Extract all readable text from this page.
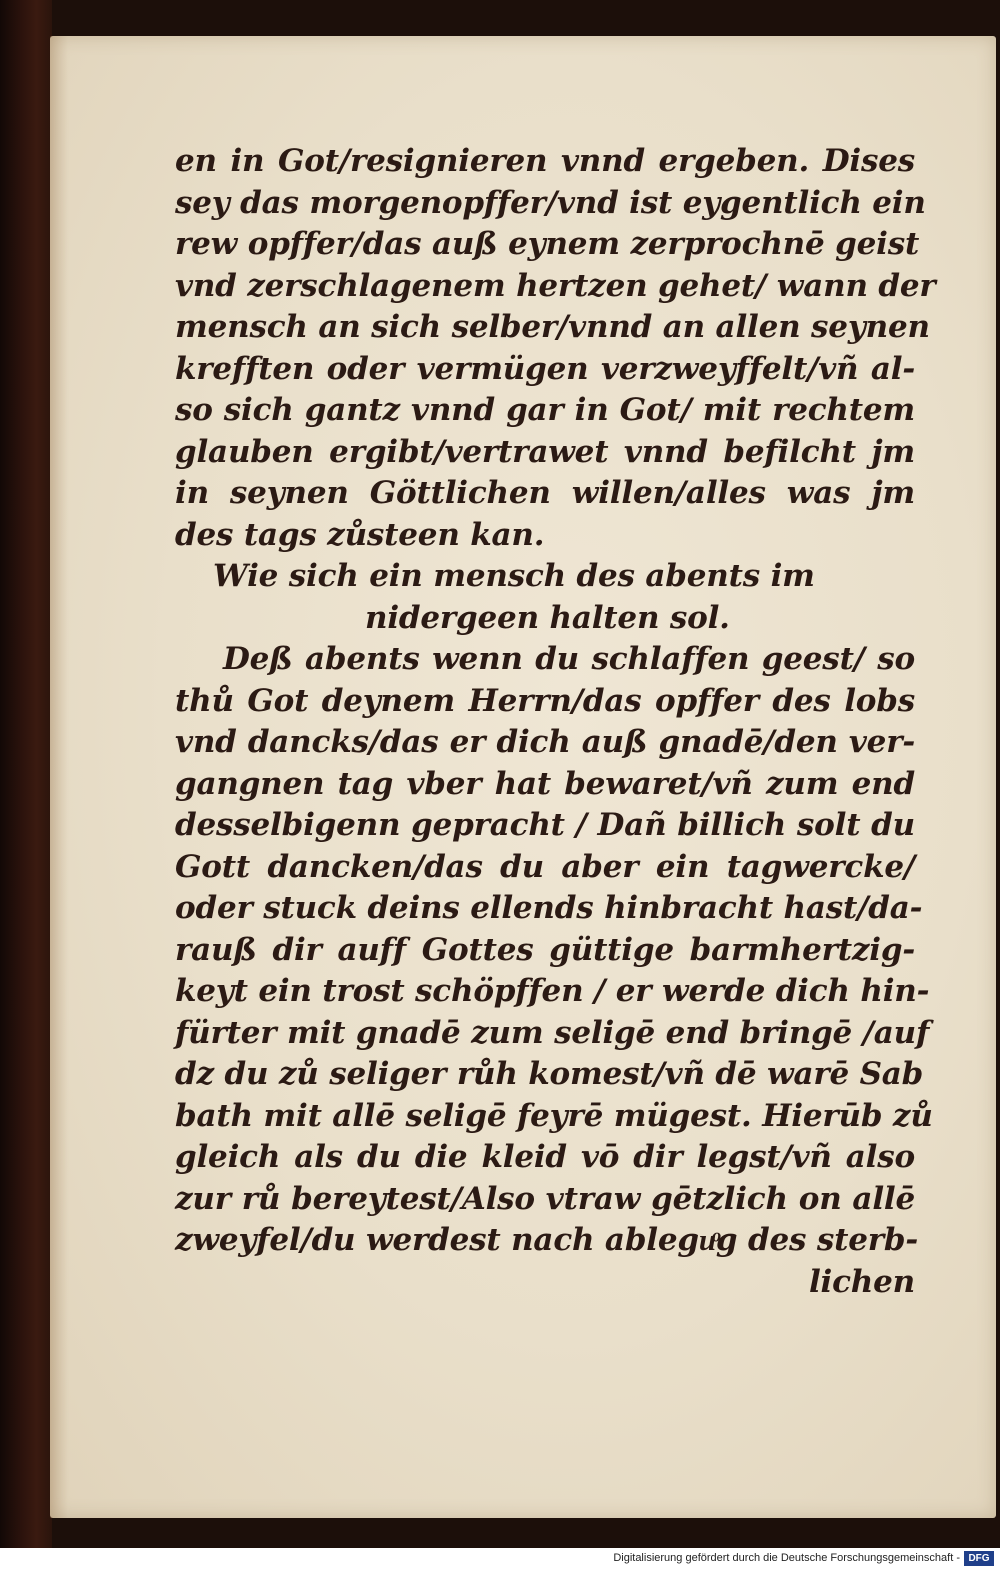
en in Got/resignieren vnnd ergeben. Dises
sey das morgenopffer/vnd ist eygentlich ein
rew opffer/das auß eynem zerprochnē geist
vnd zerschlagenem hertzen gehet/ wann der
mensch an sich selber/vnnd an allen seynen
krefften oder vermügen verzweyffelt/vñ al-
so sich gantz vnnd gar in Got/ mit rechtem
glauben ergibt/vertrawet vnnd befilcht jm
in seynen Göttlichen willen/alles was jm
des tags zůsteen kan.
Wie sich ein mensch des abents im
nidergeen halten sol.
Deß abents wenn du schlaffen geest/ so
thů Got deynem Herrn/das opffer des lobs
vnd dancks/das er dich auß gnadē/den ver-
gangnen tag vber hat bewaret/vñ zum end
desselbigenn gepracht / Dañ billich solt du
Gott dancken/das du aber ein tagwercke/
oder stuck deins ellends hinbracht hast/da-
rauß dir auff Gottes güttige barmhertzig-
keyt ein trost schöpffen / er werde dich hin-
fürter mit gnadē zum seligē end bringē /auf
dz du zů seliger růh komest/vñ dē warē Sab
bath mit allē seligē feyrē mügest. Hierūb zů
gleich als du die kleid vō dir legst/vñ also
zur rů bereytest/Also vtraw gētzlich on allē
zweyfel/du werdest nach ableguͦg des sterb-
lichen
Digitalisierung gefördert durch die Deutsche Forschungsgemeinschaft - DFG
